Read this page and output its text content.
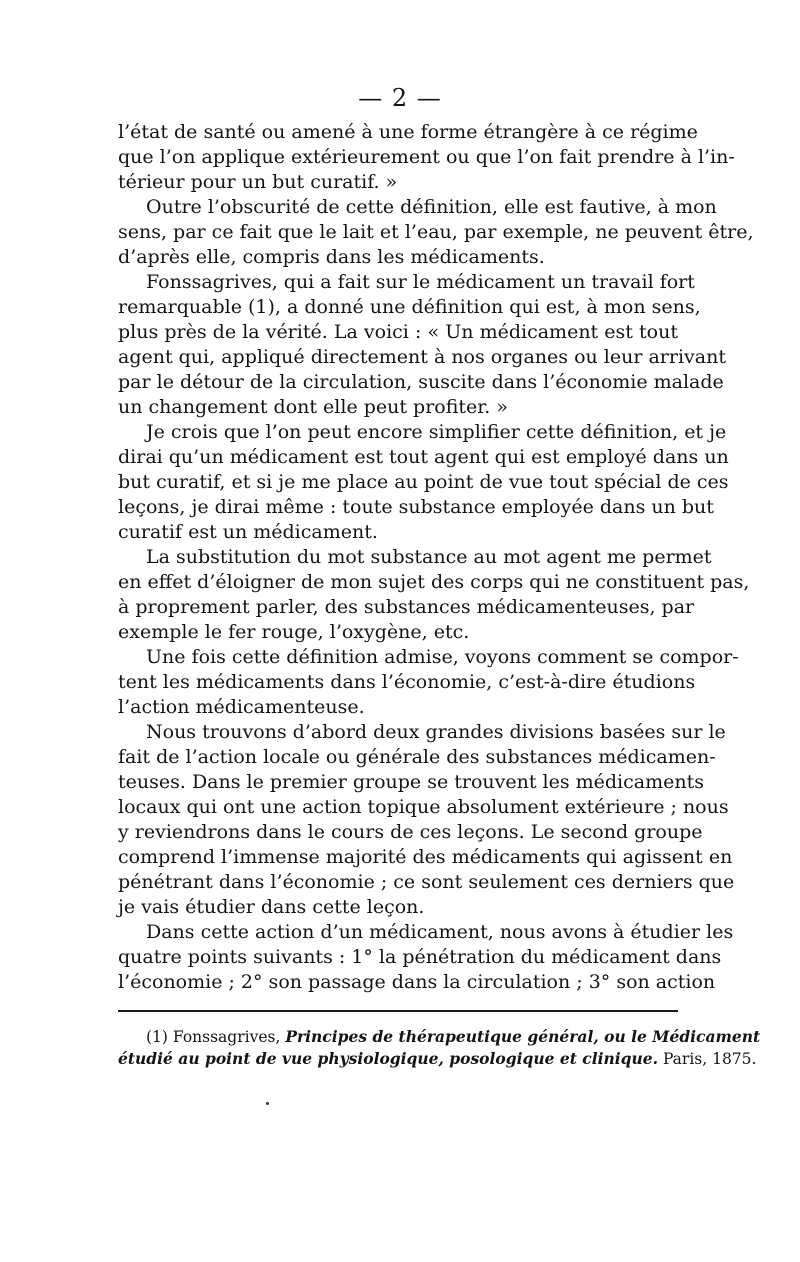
— 2 —
l’état de santé ou amené à une forme étrangère à ce régime
que l’on applique extérieurement ou que l’on fait prendre à l’in-
térieur pour un but curatif. »
Outre l’obscurité de cette définition, elle est fautive, à mon
sens, par ce fait que le lait et l’eau, par exemple, ne peuvent être,
d’après elle, compris dans les médicaments.
Fonssagrives, qui a fait sur le médicament un travail fort
remarquable (1), a donné une définition qui est, à mon sens,
plus près de la vérité. La voici : « Un médicament est tout
agent qui, appliqué directement à nos organes ou leur arrivant
par le détour de la circulation, suscite dans l’économie malade
un changement dont elle peut profiter. »
Je crois que l’on peut encore simplifier cette définition, et je
dirai qu’un médicament est tout agent qui est employé dans un
but curatif, et si je me place au point de vue tout spécial de ces
leçons, je dirai même : toute substance employée dans un but
curatif est un médicament.
La substitution du mot substance au mot agent me permet
en effet d’éloigner de mon sujet des corps qui ne constituent pas,
à proprement parler, des substances médicamenteuses, par
exemple le fer rouge, l’oxygène, etc.
Une fois cette définition admise, voyons comment se compor-
tent les médicaments dans l’économie, c’est-à-dire étudions
l’action médicamenteuse.
Nous trouvons d’abord deux grandes divisions basées sur le
fait de l’action locale ou générale des substances médicamen-
teuses. Dans le premier groupe se trouvent les médicaments
locaux qui ont une action topique absolument extérieure ; nous
y reviendrons dans le cours de ces leçons. Le second groupe
comprend l’immense majorité des médicaments qui agissent en
pénétrant dans l’économie ; ce sont seulement ces derniers que
je vais étudier dans cette leçon.
Dans cette action d’un médicament, nous avons à étudier les
quatre points suivants : 1° la pénétration du médicament dans
l’économie ; 2° son passage dans la circulation ; 3° son action
(1) Fonssagrives, Principes de thérapeutique général, ou le Médicament
étudié au point de vue physiologique, posologique et clinique. Paris, 1875.
